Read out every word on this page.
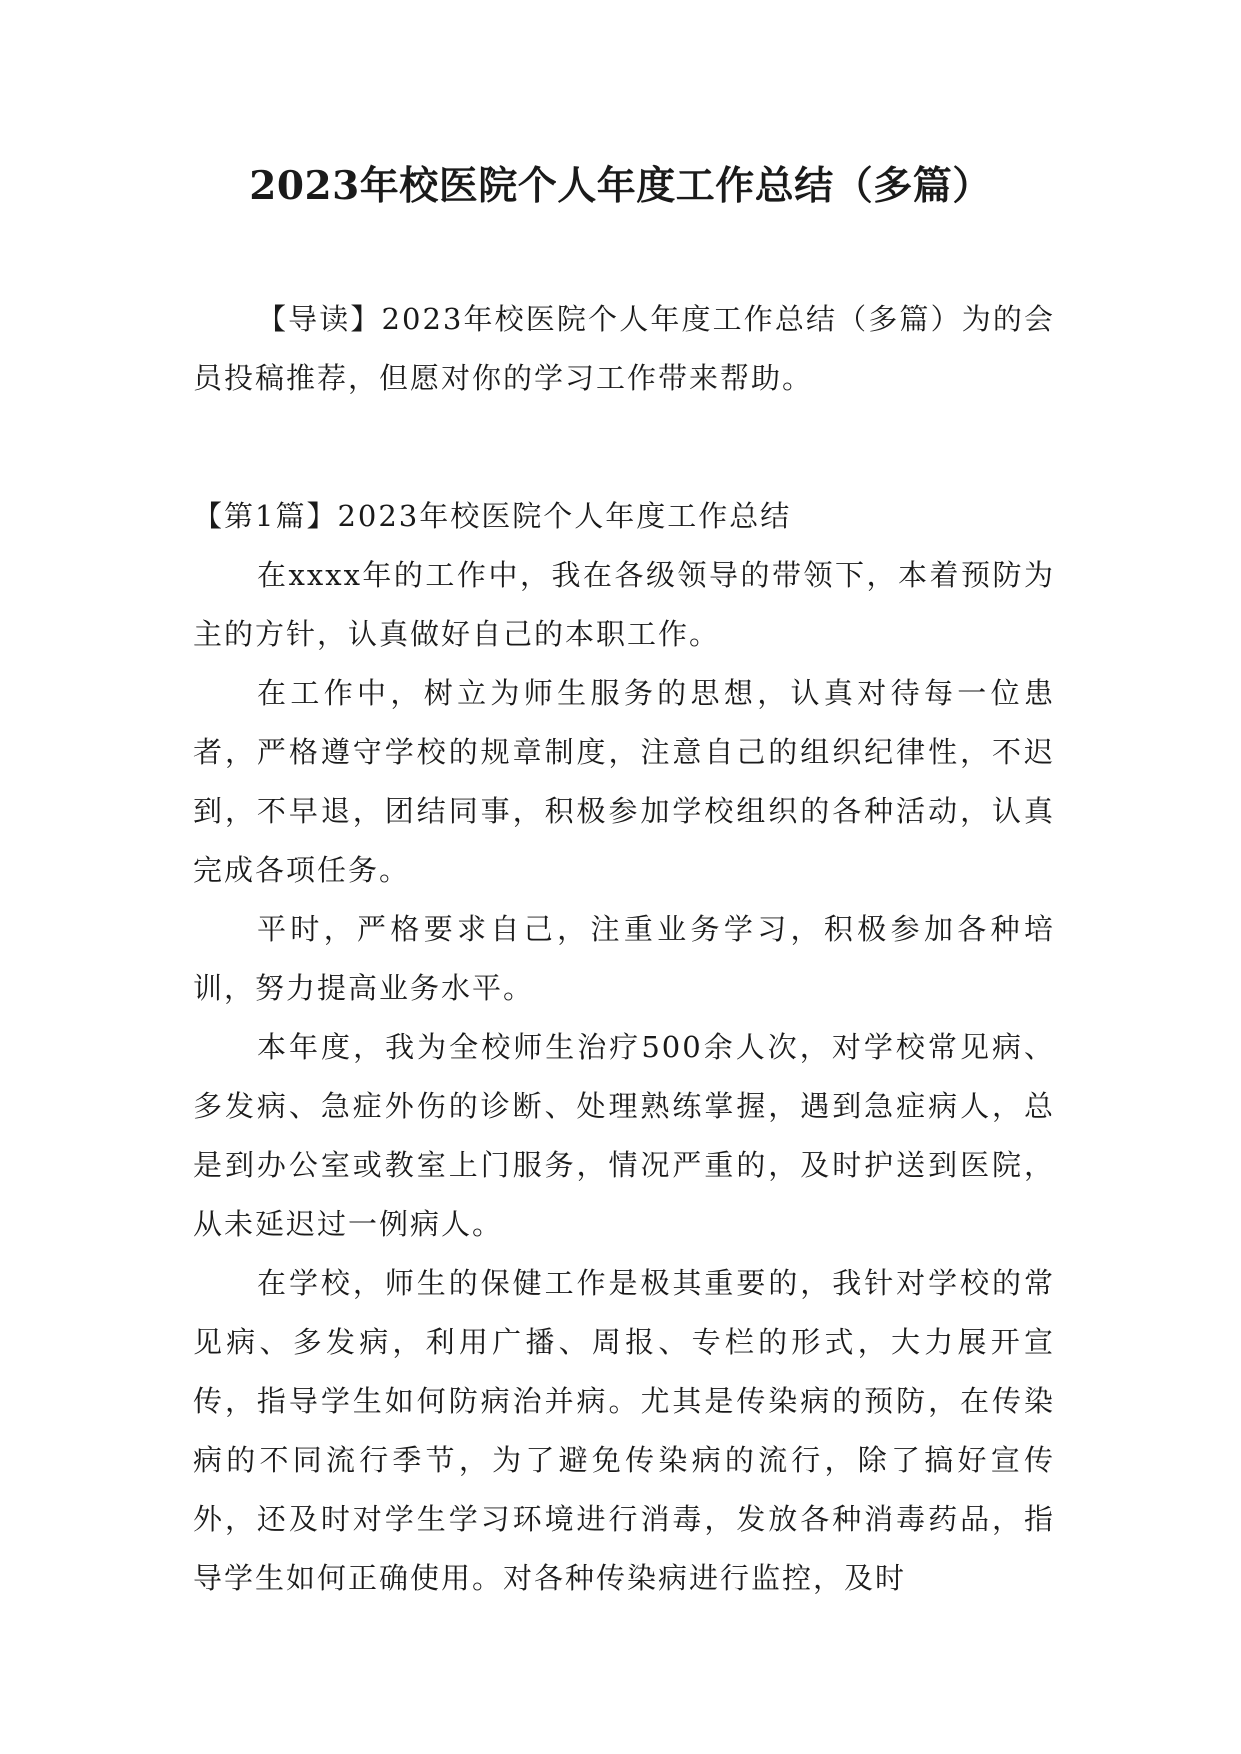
2023年校医院个人年度工作总结（多篇）

【导读】2023年校医院个人年度工作总结（多篇）为的会员投稿推荐，但愿对你的学习工作带来帮助。

【第1篇】2023年校医院个人年度工作总结

在xxxx年的工作中，我在各级领导的带领下，本着预防为主的方针，认真做好自己的本职工作。

在工作中，树立为师生服务的思想，认真对待每一位患者，严格遵守学校的规章制度，注意自己的组织纪律性，不迟到，不早退，团结同事，积极参加学校组织的各种活动，认真完成各项任务。

平时，严格要求自己，注重业务学习，积极参加各种培训，努力提高业务水平。

本年度，我为全校师生治疗500余人次，对学校常见病、多发病、急症外伤的诊断、处理熟练掌握，遇到急症病人，总是到办公室或教室上门服务，情况严重的，及时护送到医院，从未延迟过一例病人。

在学校，师生的保健工作是极其重要的，我针对学校的常见病、多发病，利用广播、周报、专栏的形式，大力展开宣传，指导学生如何防病治并病。尤其是传染病的预防，在传染病的不同流行季节，为了避免传染病的流行，除了搞好宣传外，还及时对学生学习环境进行消毒，发放各种消毒药品，指导学生如何正确使用。对各种传染病进行监控，及时
